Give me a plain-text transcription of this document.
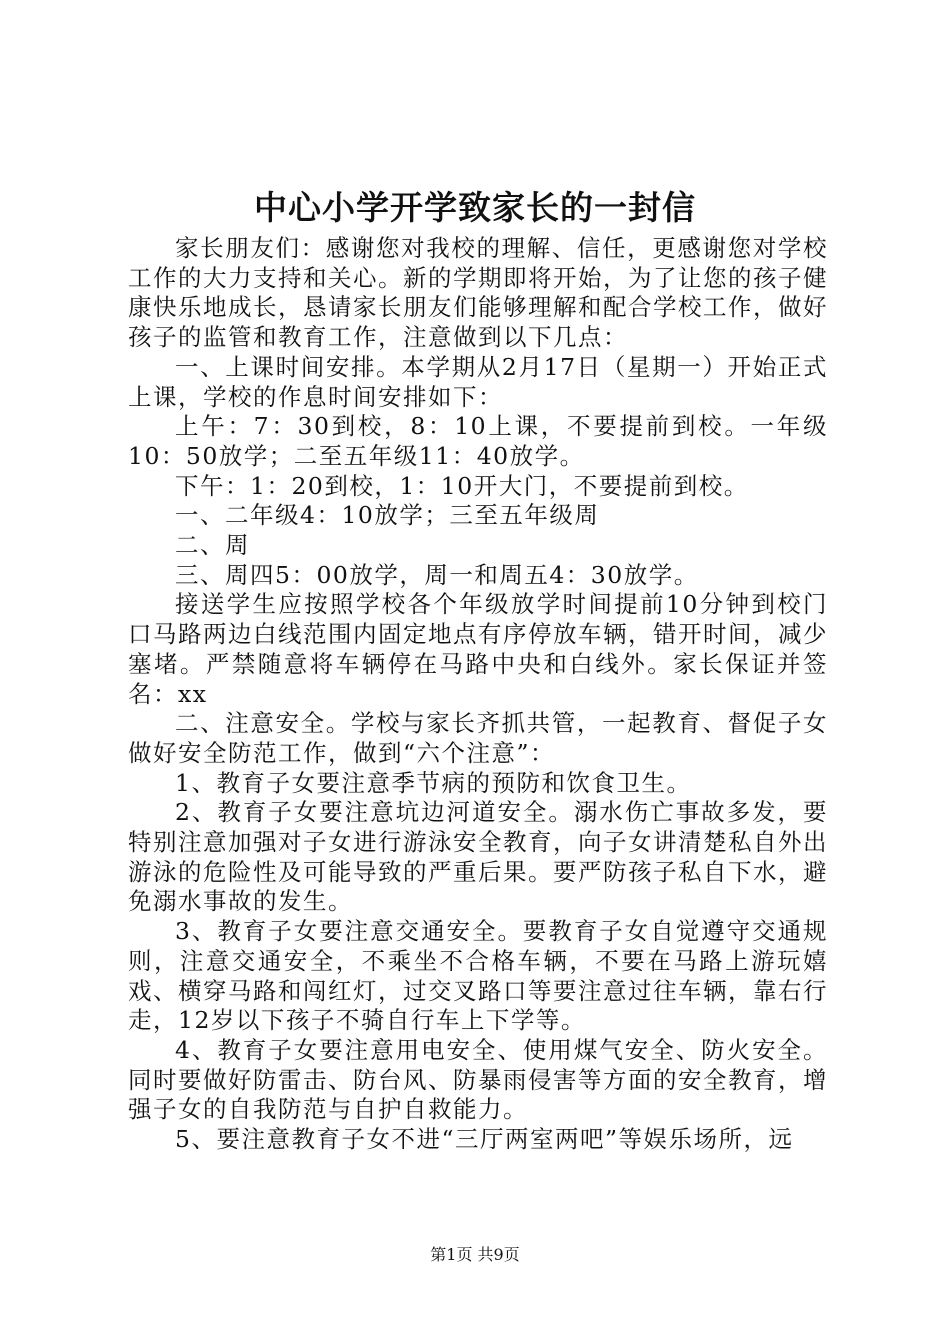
中心小学开学致家长的一封信

家长朋友们：感谢您对我校的理解、信任，更感谢您对学校工作的大力支持和关心。新的学期即将开始，为了让您的孩子健康快乐地成长，恳请家长朋友们能够理解和配合学校工作，做好孩子的监管和教育工作，注意做到以下几点：

一、上课时间安排。本学期从2月17日（星期一）开始正式上课，学校的作息时间安排如下：

上午：7：30到校，8：10上课，不要提前到校。一年级10：50放学；二至五年级11：40放学。

下午：1：20到校，1：10开大门，不要提前到校。

一、二年级4：10放学；三至五年级周

二、周

三、周四5：00放学，周一和周五4：30放学。

接送学生应按照学校各个年级放学时间提前10分钟到校门口马路两边白线范围内固定地点有序停放车辆，错开时间，减少塞堵。严禁随意将车辆停在马路中央和白线外。家长保证并签名：xx

二、注意安全。学校与家长齐抓共管，一起教育、督促子女做好安全防范工作，做到“六个注意”：

1、教育子女要注意季节病的预防和饮食卫生。

2、教育子女要注意坑边河道安全。溺水伤亡事故多发，要特别注意加强对子女进行游泳安全教育，向子女讲清楚私自外出游泳的危险性及可能导致的严重后果。要严防孩子私自下水，避免溺水事故的发生。

3、教育子女要注意交通安全。要教育子女自觉遵守交通规则，注意交通安全，不乘坐不合格车辆，不要在马路上游玩嬉戏、横穿马路和闯红灯，过交叉路口等要注意过往车辆，靠右行走，12岁以下孩子不骑自行车上下学等。

4、教育子女要注意用电安全、使用煤气安全、防火安全。同时要做好防雷击、防台风、防暴雨侵害等方面的安全教育，增强子女的自我防范与自护自救能力。

5、要注意教育子女不进“三厅两室两吧”等娱乐场所，远

第1页 共9页
